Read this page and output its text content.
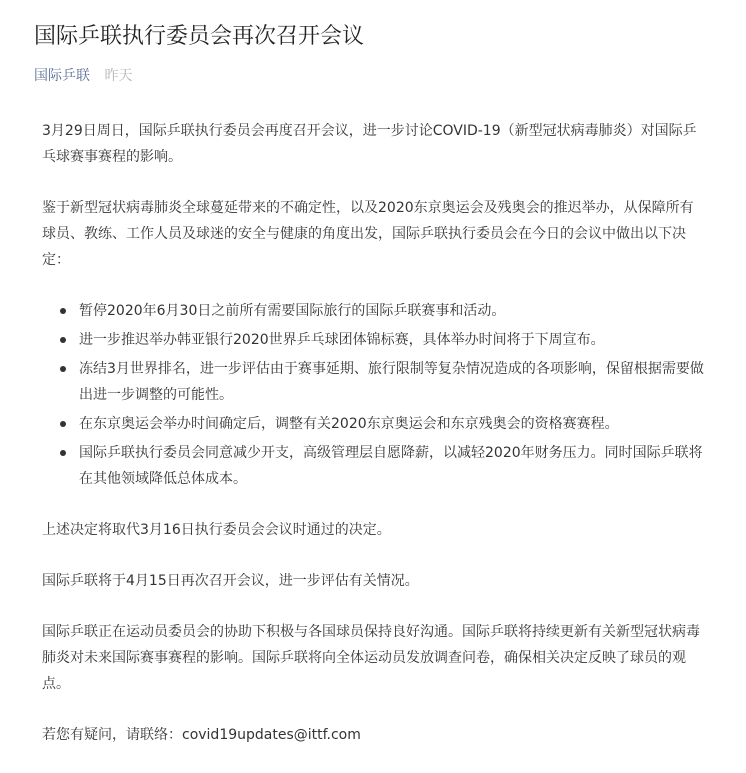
国际乒联执行委员会再次召开会议
国际乒联 昨天

3月29日周日，国际乒联执行委员会再度召开会议，进一步讨论COVID-19（新型冠状病毒肺炎）对国际乒乓球赛事赛程的影响。

鉴于新型冠状病毒肺炎全球蔓延带来的不确定性，以及2020东京奥运会及残奥会的推迟举办，从保障所有球员、教练、工作人员及球迷的安全与健康的角度出发，国际乒联执行委员会在今日的会议中做出以下决定：

暂停2020年6月30日之前所有需要国际旅行的国际乒联赛事和活动。
进一步推迟举办韩亚银行2020世界乒乓球团体锦标赛，具体举办时间将于下周宣布。
冻结3月世界排名，进一步评估由于赛事延期、旅行限制等复杂情况造成的各项影响，保留根据需要做出进一步调整的可能性。
在东京奥运会举办时间确定后，调整有关2020东京奥运会和东京残奥会的资格赛赛程。
国际乒联执行委员会同意减少开支，高级管理层自愿降薪，以减轻2020年财务压力。同时国际乒联将在其他领域降低总体成本。

上述决定将取代3月16日执行委员会会议时通过的决定。

国际乒联将于4月15日再次召开会议，进一步评估有关情况。

国际乒联正在运动员委员会的协助下积极与各国球员保持良好沟通。国际乒联将持续更新有关新型冠状病毒肺炎对未来国际赛事赛程的影响。国际乒联将向全体运动员发放调查问卷，确保相关决定反映了球员的观点。

若您有疑问，请联络：covid19updates@ittf.com
